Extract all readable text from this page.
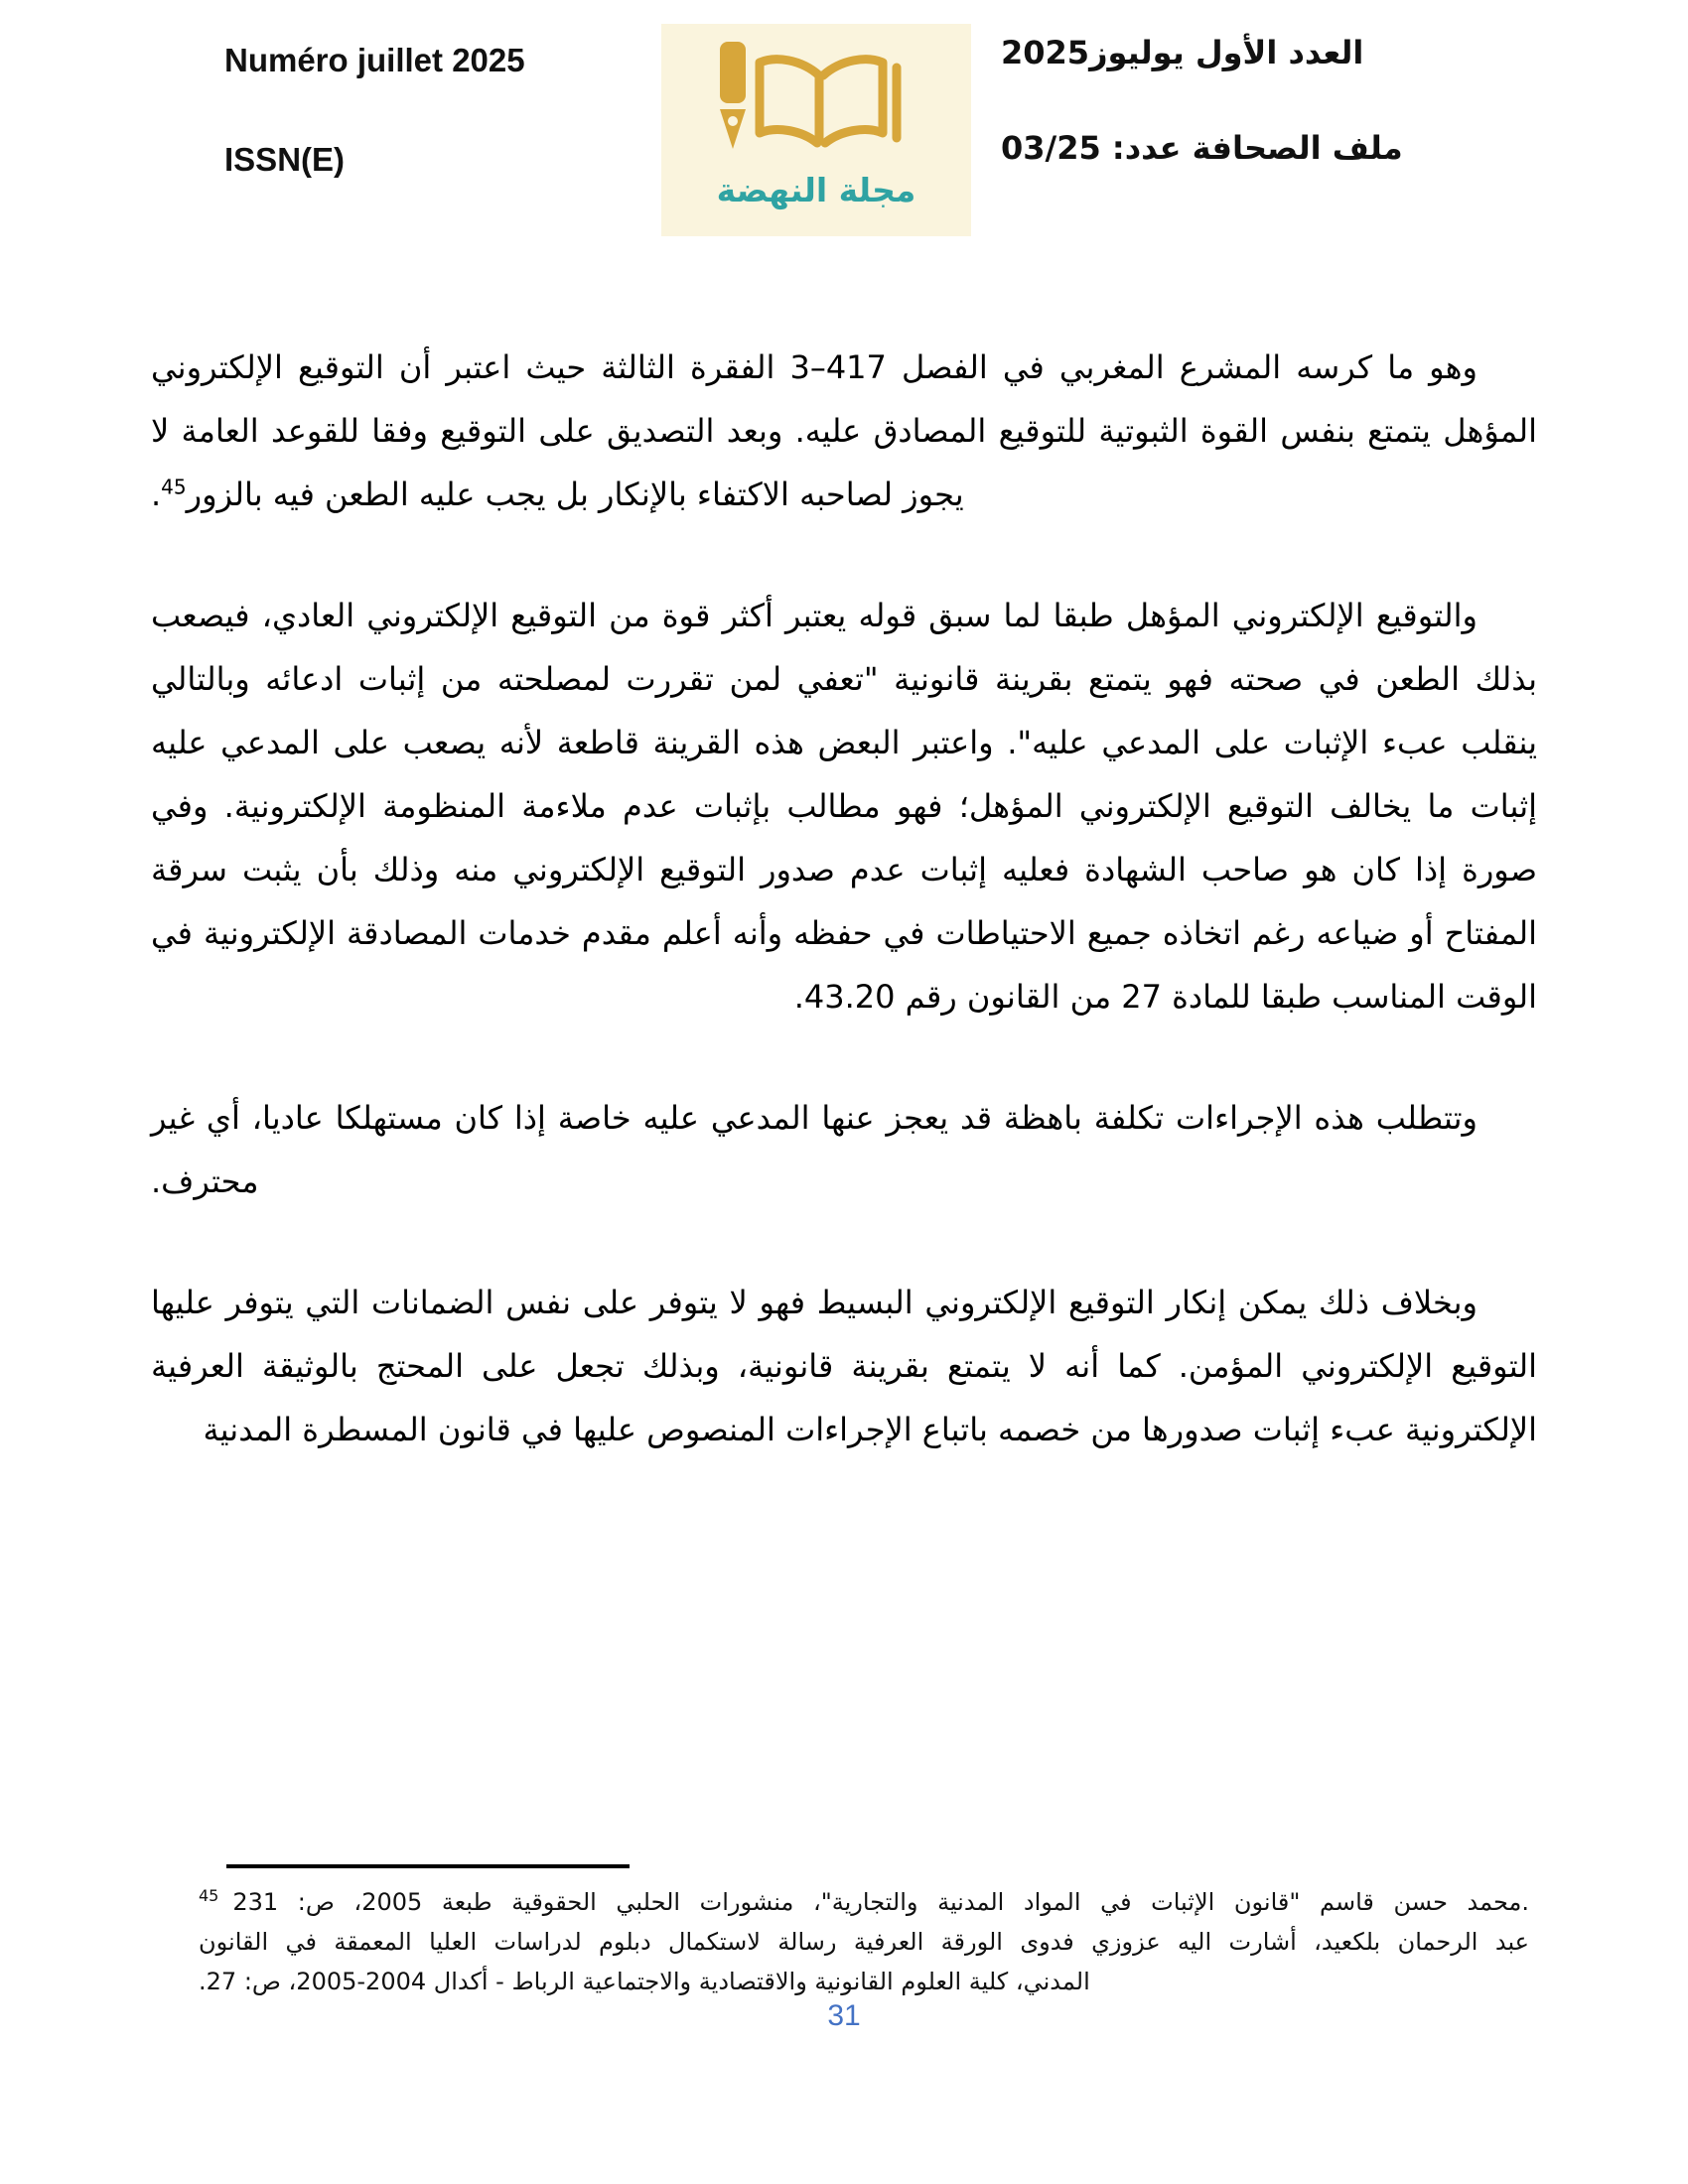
Numéro juillet 2025
ISSN(E)
مجلة النهضة
العدد الأول يوليوز2025
ملف الصحافة عدد: 03/25

وهو ما كرسه المشرع المغربي في الفصل 417–3 الفقرة الثالثة حيث اعتبر أن التوقيع الإلكتروني المؤهل يتمتع بنفس القوة الثبوتية للتوقيع المصادق عليه. وبعد التصديق على التوقيع وفقا للقوعد العامة لا يجوز لصاحبه الاكتفاء بالإنكار بل يجب عليه الطعن فيه بالزور$^{45}$.

والتوقيع الإلكتروني المؤهل طبقا لما سبق قوله يعتبر أكثر قوة من التوقيع الإلكتروني العادي، فيصعب بذلك الطعن في صحته فهو يتمتع بقرينة قانونية "تعفي لمن تقررت لمصلحته من إثبات ادعائه وبالتالي ينقلب عبء الإثبات على المدعي عليه". واعتبر البعض هذه القرينة قاطعة لأنه يصعب على المدعي عليه إثبات ما يخالف التوقيع الإلكتروني المؤهل؛ فهو مطالب بإثبات عدم ملاءمة المنظومة الإلكترونية. وفي صورة إذا كان هو صاحب الشهادة فعليه إثبات عدم صدور التوقيع الإلكتروني منه وذلك بأن يثبت سرقة المفتاح أو ضياعه رغم اتخاذه جميع الاحتياطات في حفظه وأنه أعلم مقدم خدمات المصادقة الإلكترونية في الوقت المناسب طبقا للمادة 27 من القانون رقم 43.20.

وتتطلب هذه الإجراءات تكلفة باهظة قد يعجز عنها المدعي عليه خاصة إذا كان مستهلكا عاديا، أي غير محترف.

وبخلاف ذلك يمكن إنكار التوقيع الإلكتروني البسيط فهو لا يتوفر على نفس الضمانات التي يتوفر عليها التوقيع الإلكتروني المؤمن. كما أنه لا يتمتع بقرينة قانونية، وبذلك تجعل على المحتج بالوثيقة العرفية الإلكترونية عبء إثبات صدورها من خصمه باتباع الإجراءات المنصوص عليها في قانون المسطرة المدنية

$^{45}$ محمد حسن قاسم "قانون الإثبات في المواد المدنية والتجارية"، منشورات الحلبي الحقوقية طبعة 2005، ص: 231.
عبد الرحمان بلكعيد، أشارت اليه عزوزي فدوى الورقة العرفية رسالة لاستكمال دبلوم لدراسات العليا المعمقة في القانون
المدني، كلية العلوم القانونية والاقتصادية والاجتماعية الرباط - أكدال 2004-2005، ص: 27.
31
